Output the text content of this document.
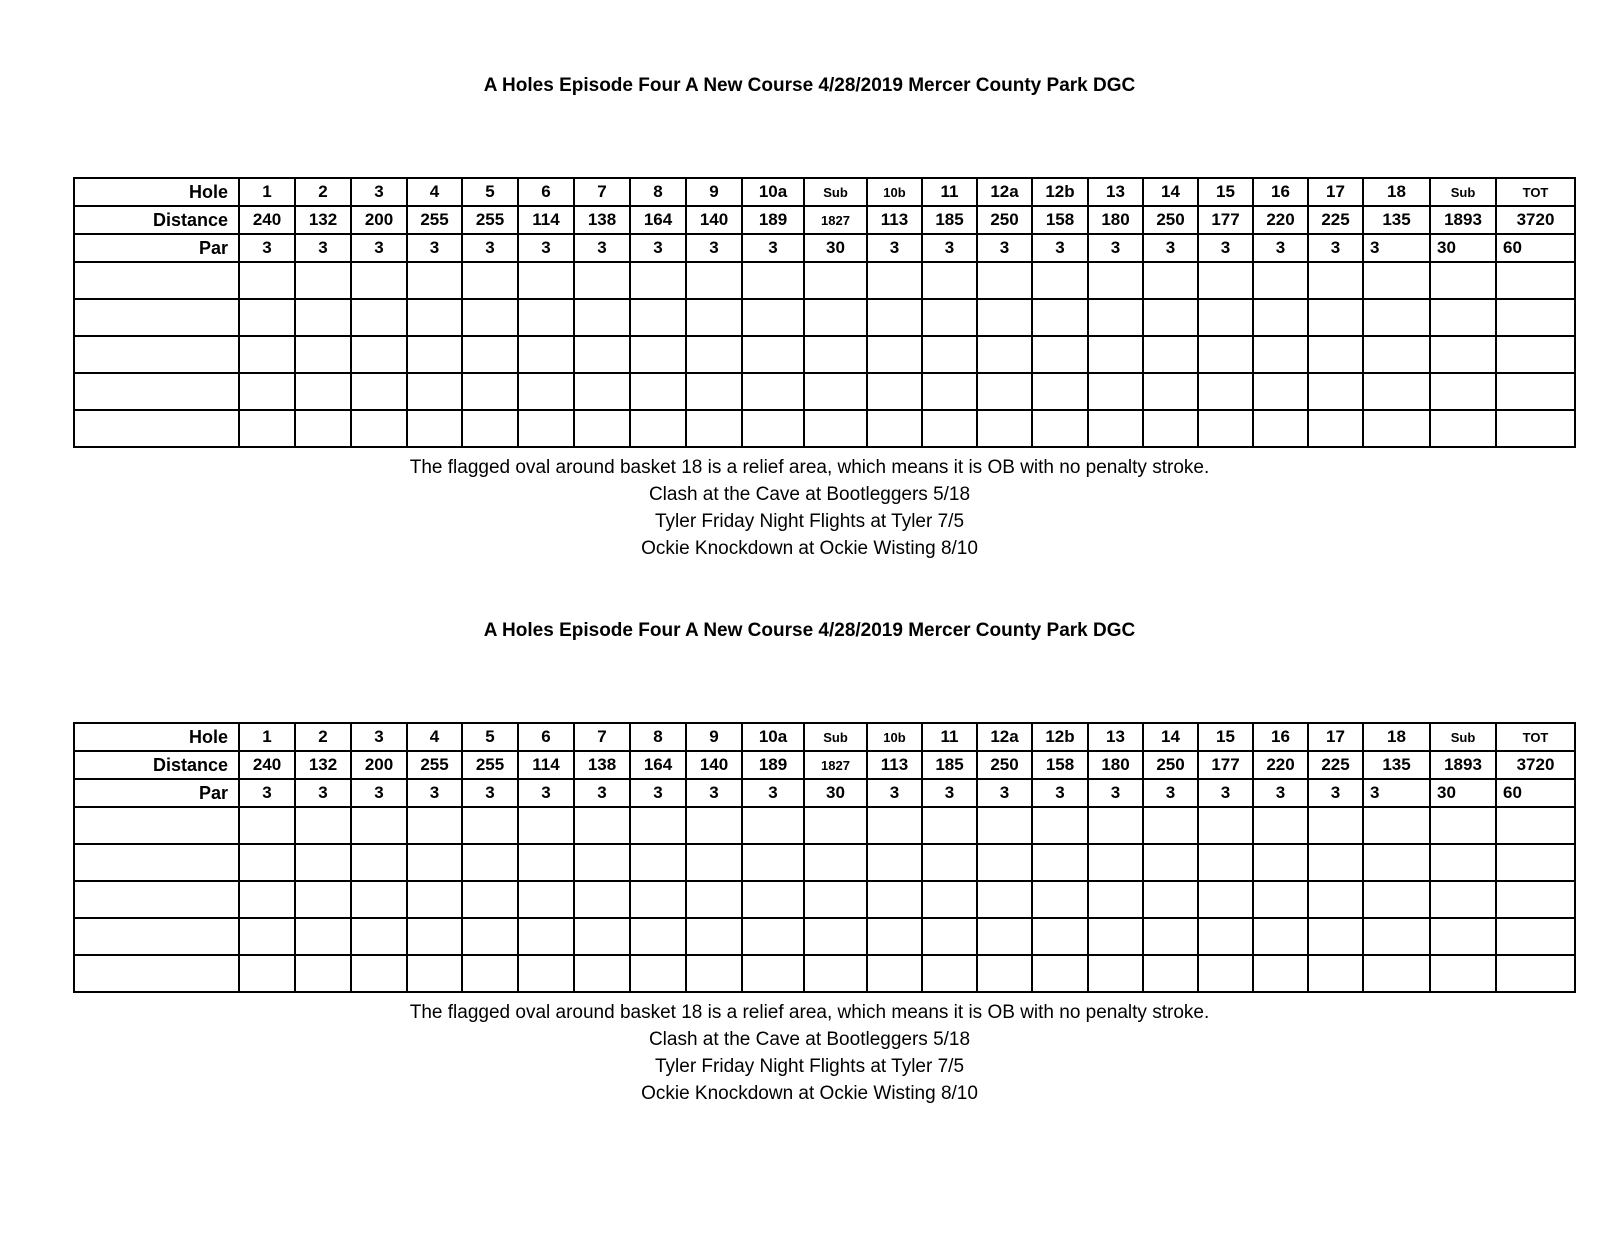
A Holes Episode Four A New Course 4/28/2019 Mercer County Park DGC
Hole	1	2	3	4	5	6	7	8	9	10a	Sub	10b	11	12a	12b	13	14	15	16	17	18	Sub	TOT
Distance	240	132	200	255	255	114	138	164	140	189	1827	113	185	250	158	180	250	177	220	225	135	1893	3720
Par	3	3	3	3	3	3	3	3	3	3	30	3	3	3	3	3	3	3	3	3	3	30	60

The flagged oval around basket 18 is a relief area, which means it is OB with no penalty stroke.
Clash at the Cave at Bootleggers 5/18
Tyler Friday Night Flights at Tyler 7/5
Ockie Knockdown at Ockie Wisting 8/10
A Holes Episode Four A New Course 4/28/2019 Mercer County Park DGC
Hole	1	2	3	4	5	6	7	8	9	10a	Sub	10b	11	12a	12b	13	14	15	16	17	18	Sub	TOT
Distance	240	132	200	255	255	114	138	164	140	189	1827	113	185	250	158	180	250	177	220	225	135	1893	3720
Par	3	3	3	3	3	3	3	3	3	3	30	3	3	3	3	3	3	3	3	3	3	30	60

The flagged oval around basket 18 is a relief area, which means it is OB with no penalty stroke.
Clash at the Cave at Bootleggers 5/18
Tyler Friday Night Flights at Tyler 7/5
Ockie Knockdown at Ockie Wisting 8/10
